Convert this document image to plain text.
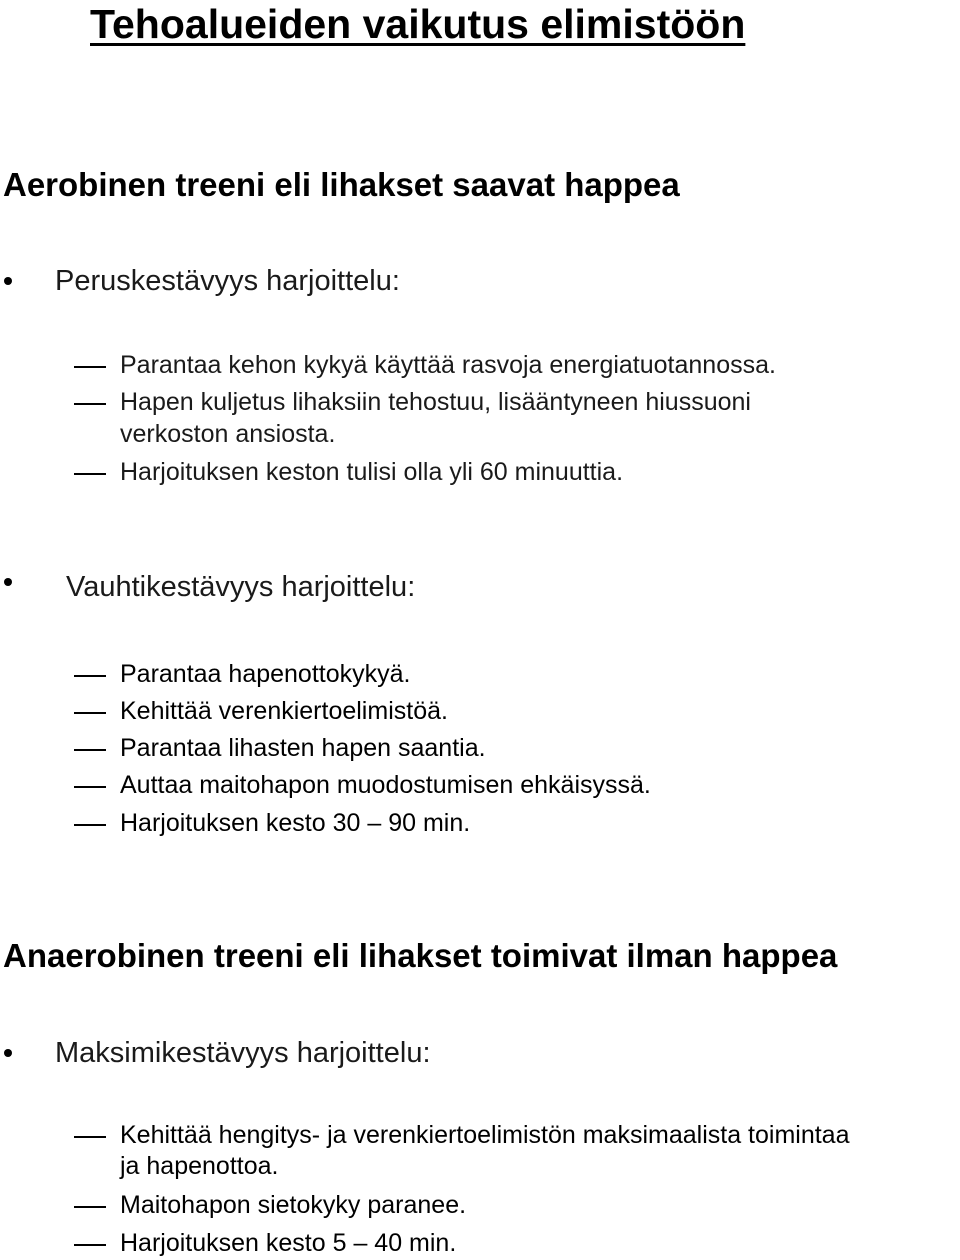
Tehoalueiden vaikutus elimistöön
Aerobinen treeni eli lihakset saavat happea
Peruskestävyys harjoittelu:
Parantaa kehon kykyä käyttää rasvoja energiatuotannossa.
Hapen kuljetus lihaksiin tehostuu, lisääntyneen hiussuoni
verkoston ansiosta.
Harjoituksen keston tulisi olla yli 60 minuuttia.
Vauhtikestävyys harjoittelu:
Parantaa hapenottokykyä.
Kehittää verenkiertoelimistöä.
Parantaa lihasten hapen saantia.
Auttaa maitohapon muodostumisen ehkäisyssä.
Harjoituksen kesto 30 – 90 min.
Anaerobinen treeni eli lihakset toimivat ilman happea
Maksimikestävyys harjoittelu:
Kehittää hengitys- ja verenkiertoelimistön maksimaalista toimintaa
ja hapenottoa.
Maitohapon sietokyky paranee.
Harjoituksen kesto 5 – 40 min.
